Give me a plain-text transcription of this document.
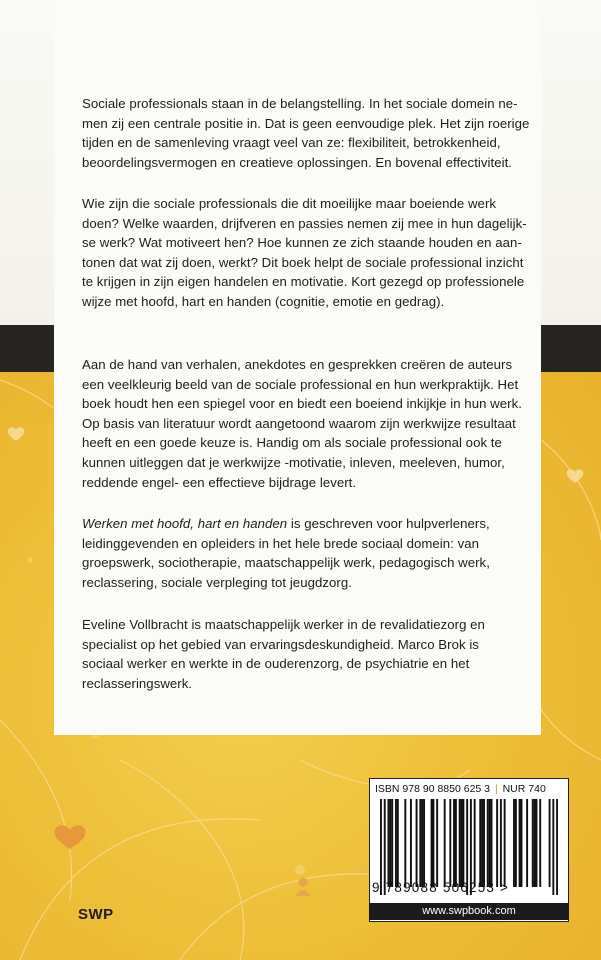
Sociale professionals staan in de belangstelling. In het sociale domein ne-
men zij een centrale positie in. Dat is geen eenvoudige plek. Het zijn roerige
tijden en de samenleving vraagt veel van ze: flexibiliteit, betrokkenheid,
beoordelingsvermogen en creatieve oplossingen. En bovenal effectiviteit.
Wie zijn die sociale professionals die dit moeilijke maar boeiende werk
doen? Welke waarden, drijfveren en passies nemen zij mee in hun dagelijk-
se werk? Wat motiveert hen? Hoe kunnen ze zich staande houden en aan-
tonen dat wat zij doen, werkt? Dit boek helpt de sociale professional inzicht
te krijgen in zijn eigen handelen en motivatie. Kort gezegd op professionele
wijze met hoofd, hart en handen (cognitie, emotie en gedrag).
Aan de hand van verhalen, anekdotes en gesprekken creëren de auteurs
een veelkleurig beeld van de sociale professional en hun werkpraktijk. Het
boek houdt hen een spiegel voor en biedt een boeiend inkijkje in hun werk.
Op basis van literatuur wordt aangetoond waarom zijn werkwijze resultaat
heeft en een goede keuze is. Handig om als sociale professional ook te
kunnen uitleggen dat je werkwijze -motivatie, inleven, meeleven, humor,
reddende engel- een effectieve bijdrage levert.
Werken met hoofd, hart en handen is geschreven voor hulpverleners,
leidinggevenden en opleiders in het hele brede sociaal domein: van
groepswerk, sociotherapie, maatschappelijk werk, pedagogisch werk,
reclassering, sociale verpleging tot jeugdzorg.
Eveline Vollbracht is maatschappelijk werker in de revalidatiezorg en
specialist op het gebied van ervaringsdeskundigheid. Marco Brok is
sociaal werker en werkte in de ouderenzorg, de psychiatrie en het
reclasseringswerk.
ISBN 978 90 8850 625 3 | NUR 740
9 789088 506253 >
www.swpbook.com
SWP
